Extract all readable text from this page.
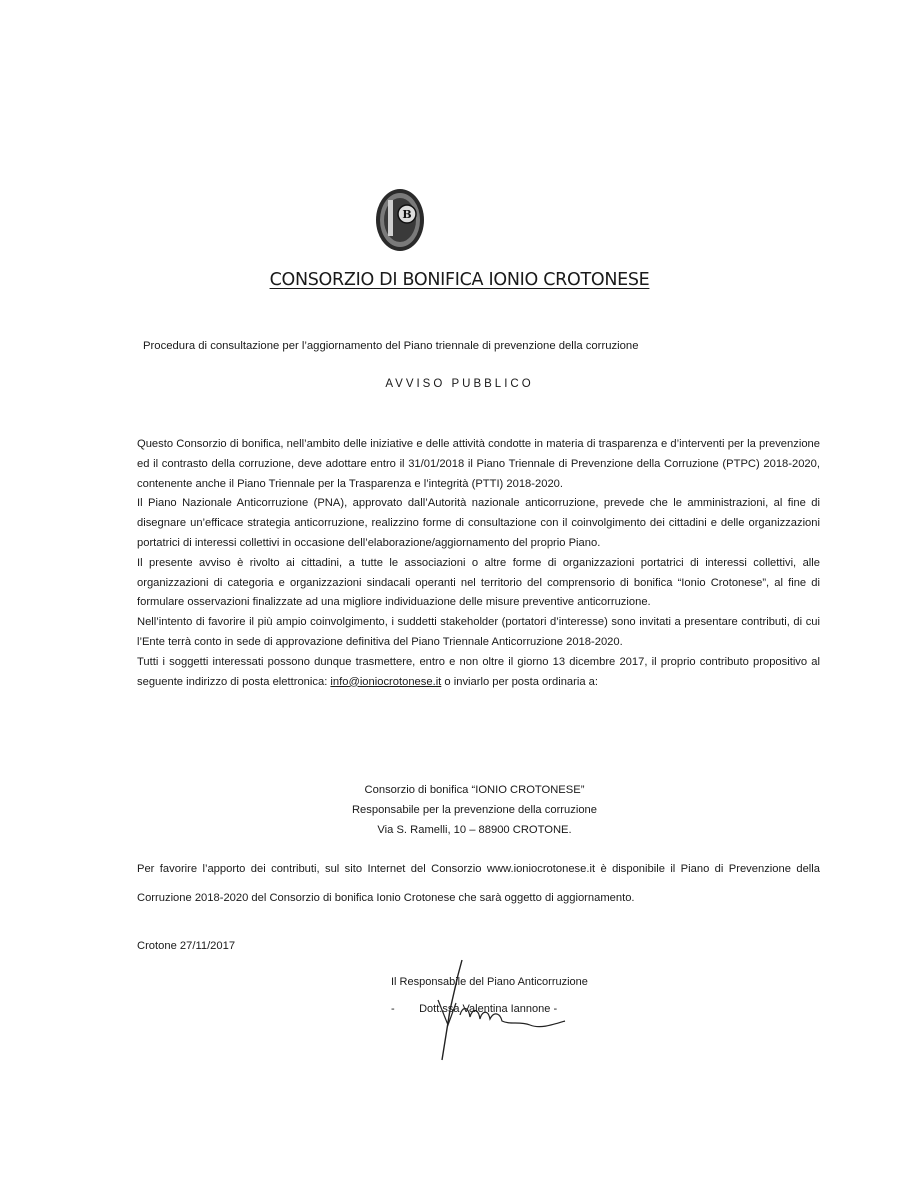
B
CONSORZIO DI BONIFICA IONIO CROTONESE
Procedura di consultazione per l’aggiornamento del Piano triennale di prevenzione della corruzione
AVVISO PUBBLICO

Questo Consorzio di bonifica, nell’ambito delle iniziative e delle attività condotte in materia di trasparenza e d’interventi per la prevenzione ed il contrasto della corruzione, deve adottare entro il 31/01/2018 il Piano Triennale di Prevenzione della Corruzione (PTPC) 2018-2020, contenente anche il Piano Triennale per la Trasparenza e l’integrità (PTTI) 2018-2020.

Il Piano Nazionale Anticorruzione (PNA), approvato dall’Autorità nazionale anticorruzione, prevede che le amministrazioni, al fine di disegnare un’efficace strategia anticorruzione, realizzino forme di consultazione con il coinvolgimento dei cittadini e delle organizzazioni portatrici di interessi collettivi in occasione dell’elaborazione/aggiornamento del proprio Piano.

Il presente avviso è rivolto ai cittadini, a tutte le associazioni o altre forme di organizzazioni portatrici di interessi collettivi, alle organizzazioni di categoria e organizzazioni sindacali operanti nel territorio del comprensorio di bonifica “Ionio Crotonese”, al fine di formulare osservazioni finalizzate ad una migliore individuazione delle misure preventive anticorruzione.

Nell’intento di favorire il più ampio coinvolgimento, i suddetti stakeholder (portatori d’interesse) sono invitati a presentare contributi, di cui l’Ente terrà conto in sede di approvazione definitiva del Piano Triennale Anticorruzione 2018-2020.

Tutti i soggetti interessati possono dunque trasmettere, entro e non oltre il giorno 13 dicembre 2017, il proprio contributo propositivo al seguente indirizzo di posta elettronica: info@ioniocrotonese.it o inviarlo per posta ordinaria a:

Consorzio di bonifica “IONIO CROTONESE”
Responsabile per la prevenzione della corruzione
Via S. Ramelli, 10 – 88900 CROTONE.

Per favorire l’apporto dei contributi, sul sito Internet del Consorzio www.ioniocrotonese.it è disponibile il Piano di Prevenzione della Corruzione 2018-2020 del Consorzio di bonifica Ionio Crotonese che sarà oggetto di aggiornamento.

Crotone 27/11/2017
Il Responsabile del Piano Anticorruzione
-        Dott.ssa Valentina Iannone -
